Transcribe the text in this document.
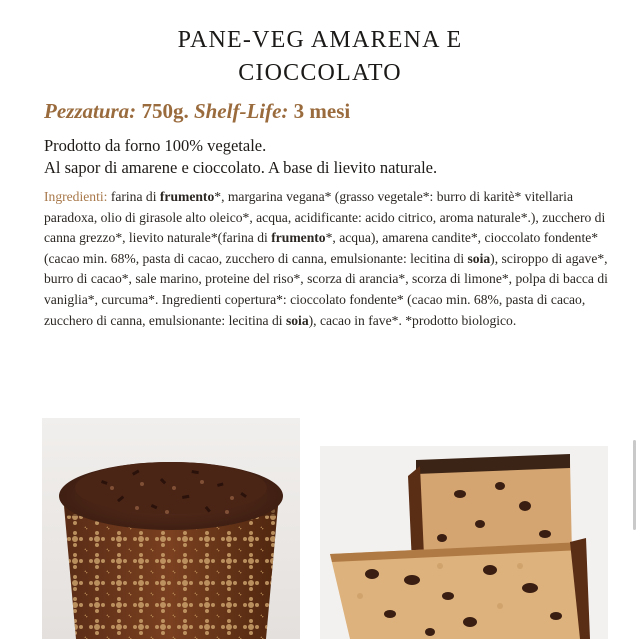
PANE-VEG AMARENA E
CIOCCOLATO
Pezzatura: 750g. Shelf-Life: 3 mesi
Prodotto da forno 100% vegetale.
Al sapor di amarene e cioccolato. A base di lievito naturale.
Ingredienti: farina di frumento*, margarina vegana* (grasso vegetale*: burro di karitè* vitellaria paradoxa, olio di girasole alto oleico*, acqua, acidificante: acido citrico, aroma naturale*.), zucchero di canna grezzo*, lievito naturale*(farina di frumento*, acqua), amarena candite*, cioccolato fondente* (cacao min. 68%, pasta di cacao, zucchero di canna, emulsionante: lecitina di soia), sciroppo di agave*, burro di cacao*, sale marino, proteine del riso*, scorza di arancia*, scorza di limone*, polpa di bacca di vaniglia*, curcuma*. Ingredienti copertura*: cioccolato fondente* (cacao min. 68%, pasta di cacao, zucchero di canna, emulsionante: lecitina di soia), cacao in fave*. *prodotto biologico.
